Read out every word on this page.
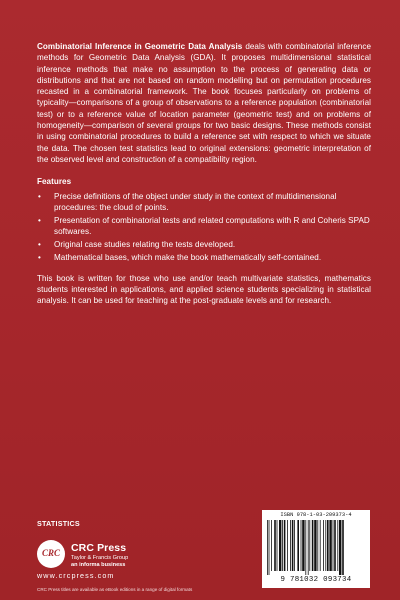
Combinatorial Inference in Geometric Data Analysis deals with combinatorial inference methods for Geometric Data Analysis (GDA). It proposes multidimensional statistical inference methods that make no assumption to the process of generating data or distributions and that are not based on random modelling but on permutation procedures recasted in a combinatorial framework. The book focuses particularly on problems of typicality—comparisons of a group of observations to a reference population (combinatorial test) or to a reference value of location parameter (geometric test) and on problems of homogeneity—comparison of several groups for two basic designs. These methods consist in using combinatorial procedures to build a reference set with respect to which we situate the data. The chosen test statistics lead to original extensions: geometric interpretation of the observed level and construction of a compatibility region.

Features

• Precise definitions of the object under study in the context of multidimensional procedures: the cloud of points.
• Presentation of combinatorial tests and related computations with R and Coheris SPAD softwares.
• Original case studies relating the tests developed.
• Mathematical bases, which make the book mathematically self-contained.

This book is written for those who use and/or teach multivariate statistics, mathematics students interested in applications, and applied science students specializing in statistical analysis. It can be used for teaching at the post-graduate levels and for research.

STATISTICS
CRC	CRC Press
Taylor & Francis Group
an informa business
www.crcpress.com
CRC Press titles are available as eBook editions in a range of digital formats
ISBN 978-1-03-209373-4
9 781032 093734
